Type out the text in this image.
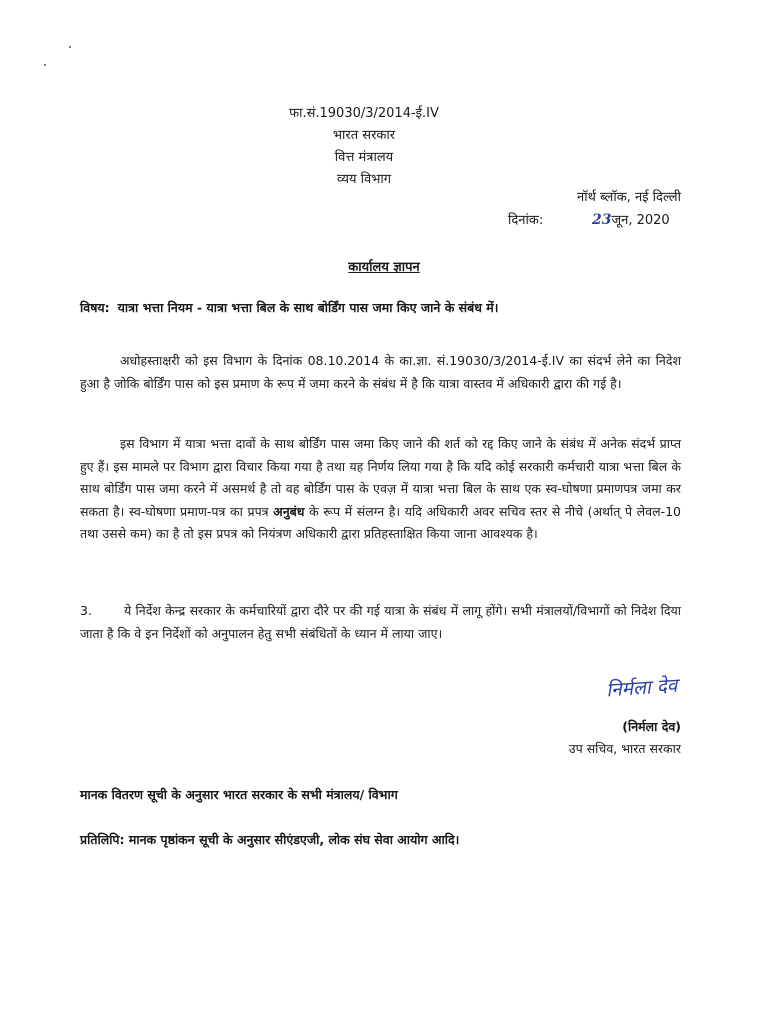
फा.सं.19030/3/2014-ई.IV
भारत सरकार
वित्त मंत्रालय
व्यय विभाग
नॉर्थ ब्लॉक, नई दिल्ली
दिनांक:	23जून, 2020
कार्यालय ज्ञापन
विषय: यात्रा भत्ता नियम - यात्रा भत्ता बिल के साथ बोर्डिंग पास जमा किए जाने के संबंध में।
अधोहस्ताक्षरी को इस विभाग के दिनांक 08.10.2014 के का.ज्ञा. सं.19030/3/2014-ई.IV का संदर्भ लेने का निदेश हुआ है जोकि बोर्डिंग पास को इस प्रमाण के रूप में जमा करने के संबंध में है कि यात्रा वास्तव में अधिकारी द्वारा की गई है।
इस विभाग में यात्रा भत्ता दावों के साथ बोर्डिंग पास जमा किए जाने की शर्त को रद्द किए जाने के संबंध में अनेक संदर्भ प्राप्त हुए हैं। इस मामले पर विभाग द्वारा विचार किया गया है तथा यह निर्णय लिया गया है कि यदि कोई सरकारी कर्मचारी यात्रा भत्ता बिल के साथ बोर्डिंग पास जमा करने में असमर्थ है तो वह बोर्डिंग पास के एवज़ में यात्रा भत्ता बिल के साथ एक स्व-घोषणा प्रमाणपत्र जमा कर सकता है। स्व-घोषणा प्रमाण-पत्र का प्रपत्र अनुबंध के रूप में संलग्न है। यदि अधिकारी अवर सचिव स्तर से नीचे (अर्थात् पे लेवल-10 तथा उससे कम) का है तो इस प्रपत्र को नियंत्रण अधिकारी द्वारा प्रतिहस्ताक्षित किया जाना आवश्यक है।
3.	ये निर्देश केन्द्र सरकार के कर्मचारियों द्वारा दौरे पर की गई यात्रा के संबंध में लागू होंगे। सभी मंत्रालयों/विभागों को निदेश दिया जाता है कि वे इन निर्देशों को अनुपालन हेतु सभी संबंधितों के ध्यान में लाया जाए।
निर्मला देव
(निर्मला देव)
उप सचिव, भारत सरकार
मानक वितरण सूची के अनुसार भारत सरकार के सभी मंत्रालय/ विभाग
प्रतिलिपि: मानक पृष्ठांकन सूची के अनुसार सीएंडएजी, लोक संघ सेवा आयोग आदि।
